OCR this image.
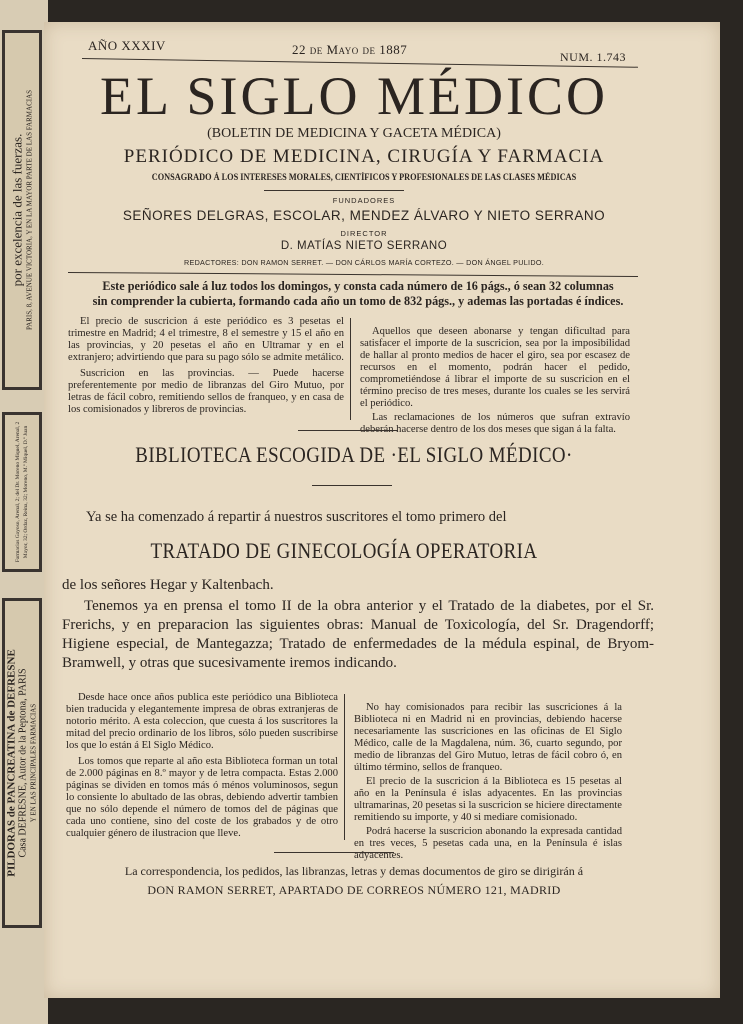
por excelencia de las fuerzas. PARIS, 8, AVENUE VICTORIA, Y EN LA MAYOR PARTE DE LAS FARMACIAS
Farmacias Gayoso, Arenal, 2; del Dr. Moreno Miquel, Arenal, 2 Mayor, 32; Ordaz, Reina, 32; Moreno, M.º Miquel, D.º Juan
PILDORAS de PANCREATINA de DEFRESNE Casa DEFRESNE, Autor de la Peptona, PARIS Y EN LAS PRINCIPALES FARMACIAS
AÑO XXXIV	22 de Mayo de 1887	NUM. 1.743
EL SIGLO MÉDICO
(BOLETIN DE MEDICINA Y GACETA MÉDICA)
PERIÓDICO DE MEDICINA, CIRUGÍA Y FARMACIA
CONSAGRADO Á LOS INTERESES MORALES, CIENTÍFICOS Y PROFESIONALES DE LAS CLASES MÉDICAS
FUNDADORES
SEÑORES DELGRAS, ESCOLAR, MENDEZ ÁLVARO Y NIETO SERRANO
DIRECTOR
D. MATÍAS NIETO SERRANO
REDACTORES: DON RAMON SERRET. — DON CÁRLOS MARÍA CORTEZO. — DON ÁNGEL PULIDO.
Este periódico sale á luz todos los domingos, y consta cada número de 16 págs., ó sean 32 columnas
sin comprender la cubierta, formando cada año un tomo de 832 págs., y ademas las portadas é índices.

El precio de suscricion á este periódico es 3 pesetas el trimestre en Madrid; 4 el trimestre, 8 el semestre y 15 el año en las provincias, y 20 pesetas el año en Ultramar y en el extranjero; advirtiendo que para su pago sólo se admite metálico.

Suscricion en las provincias. — Puede hacerse preferentemente por medio de libranzas del Giro Mutuo, por letras de fácil cobro, remitiendo sellos de franqueo, y en casa de los comisionados y libreros de provincias.

Aquellos que deseen abonarse y tengan dificultad para satisfacer el importe de la suscricion, sea por la imposibilidad de hallar al pronto medios de hacer el giro, sea por escasez de recursos en el momento, podrán hacer el pedido, comprometiéndose á librar el importe de su suscricion en el término preciso de tres meses, durante los cuales se les servirá el periódico.

Las reclamaciones de los números que sufran extravío deberán hacerse dentro de los dos meses que sigan á la falta.

BIBLIOTECA ESCOGIDA DE ·EL SIGLO MÉDICO·
Ya se ha comenzado á repartir á nuestros suscritores el tomo primero del
TRATADO DE GINECOLOGÍA OPERATORIA
de los señores Hegar y Kaltenbach.
Tenemos ya en prensa el tomo II de la obra anterior y el Tratado de la diabetes, por el Sr. Frerichs, y en preparacion las siguientes obras: Manual de Toxicología, del Sr. Dragendorff; Higiene especial, de Mantegazza; Tratado de enfermedades de la médula espinal, de Bryom-Bramwell, y otras que sucesivamente iremos indicando.

Desde hace once años publica este periódico una Biblioteca bien traducida y elegantemente impresa de obras extranjeras de notorio mérito. A esta coleccion, que cuesta á los suscritores la mitad del precio ordinario de los libros, sólo pueden suscribirse los que lo están á El Siglo Médico.

Los tomos que reparte al año esta Biblioteca forman un total de 2.000 páginas en 8.º mayor y de letra compacta. Estas 2.000 páginas se dividen en tomos más ó ménos voluminosos, segun lo consiente lo abultado de las obras, debiendo advertir tambien que no sólo depende el número de tomos del de páginas que cada uno contiene, sino del coste de los grabados y de otro cualquier género de ilustracion que lleve.

No hay comisionados para recibir las suscriciones á la Biblioteca ni en Madrid ni en provincias, debiendo hacerse necesariamente las suscriciones en las oficinas de El Siglo Médico, calle de la Magdalena, núm. 36, cuarto segundo, por medio de libranzas del Giro Mutuo, letras de fácil cobro ó, en último término, sellos de franqueo.

El precio de la suscricion á la Biblioteca es 15 pesetas al año en la Península é islas adyacentes. En las provincias ultramarinas, 20 pesetas si la suscricion se hiciere directamente remitiendo su importe, y 40 si mediare comisionado.

Podrá hacerse la suscricion abonando la expresada cantidad en tres veces, 5 pesetas cada una, en la Península é islas adyacentes.

La correspondencia, los pedidos, las libranzas, letras y demas documentos de giro se dirigirán á
DON RAMON SERRET, APARTADO DE CORREOS NÚMERO 121, MADRID
